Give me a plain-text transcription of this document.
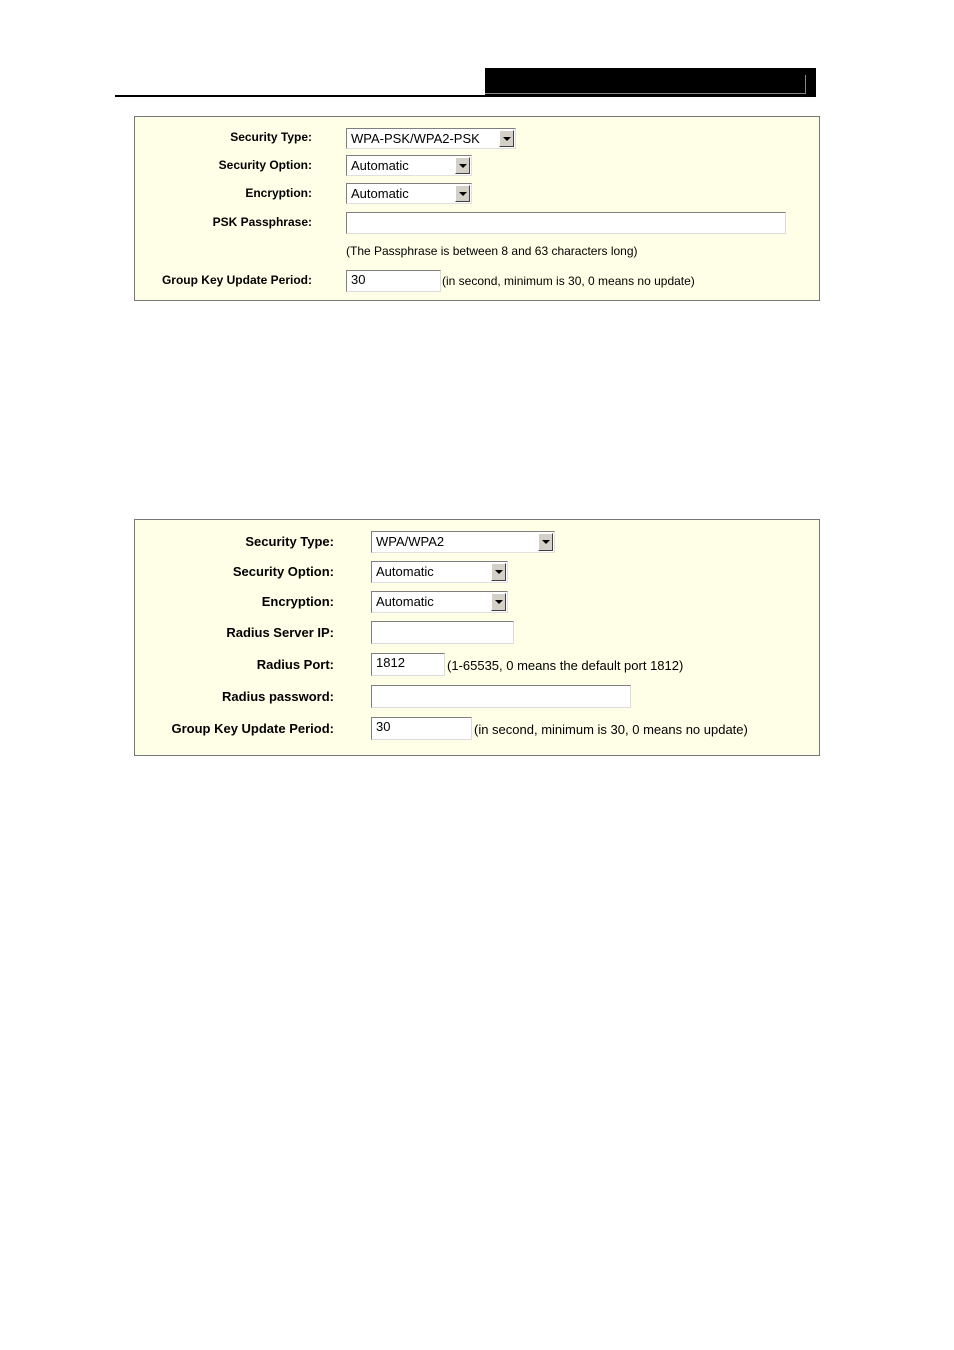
Security Type:	WPA-PSK/WPA2-PSK
Security Option:	Automatic
Encryption:	Automatic
PSK Passphrase:
(The Passphrase is between 8 and 63 characters long)
Group Key Update Period:	30	(in second, minimum is 30, 0 means no update)
Security Type:	WPA/WPA2
Security Option:	Automatic
Encryption:	Automatic
Radius Server IP:
Radius Port:	1812	(1-65535, 0 means the default port 1812)
Radius password:
Group Key Update Period:	30	(in second, minimum is 30, 0 means no update)
